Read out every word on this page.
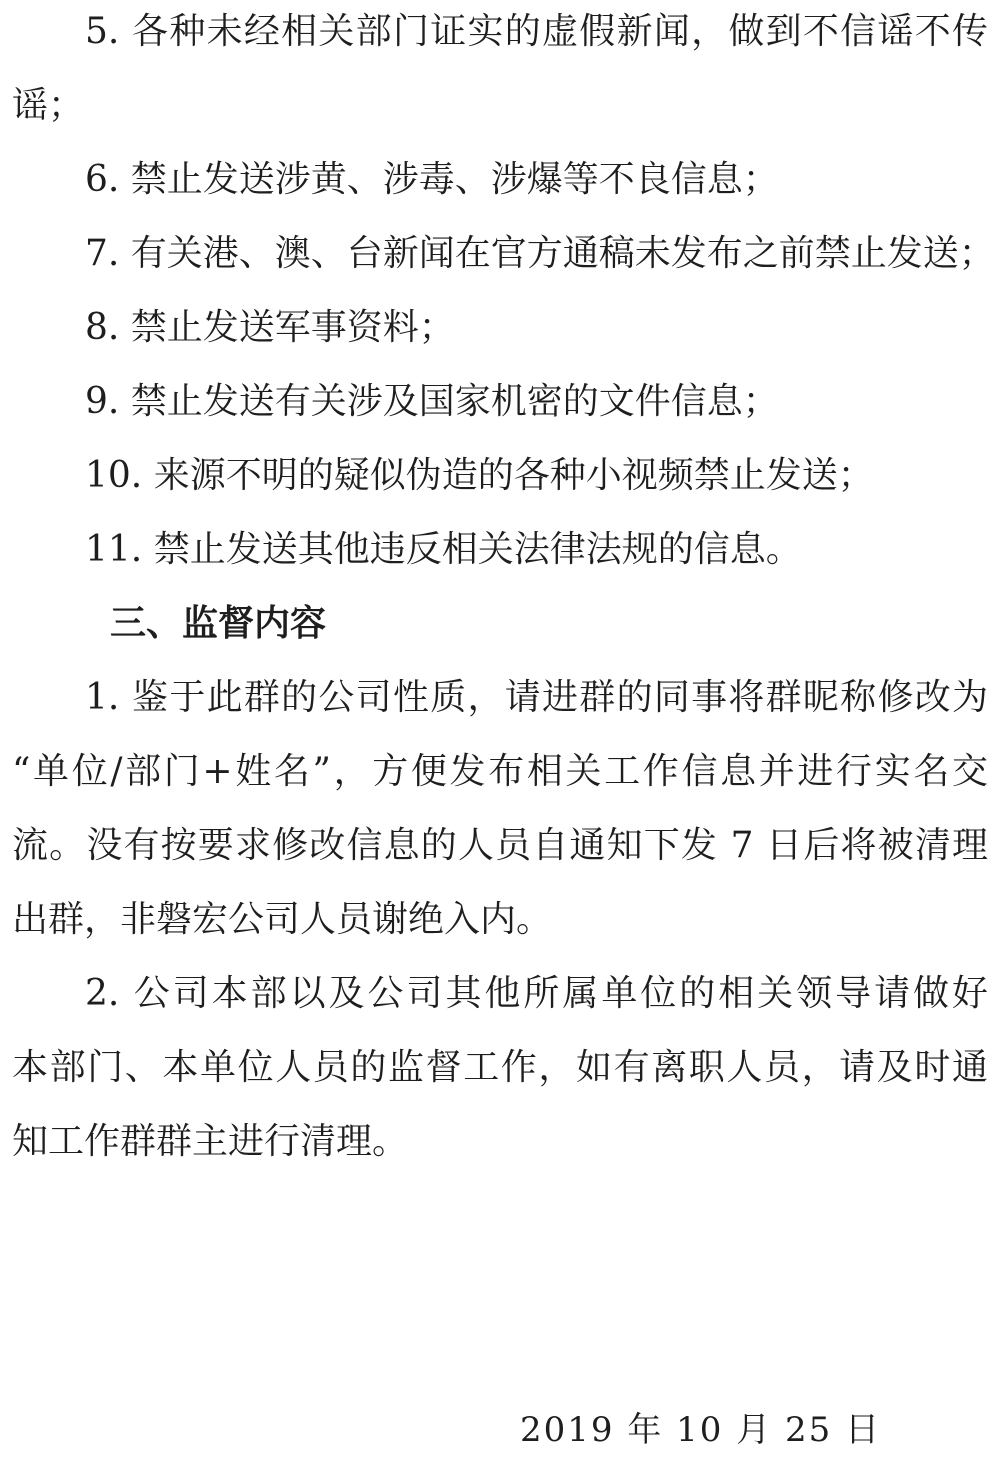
5. 各种未经相关部门证实的虚假新闻，做到不信谣不传
谣；
6. 禁止发送涉黄、涉毒、涉爆等不良信息；
7. 有关港、澳、台新闻在官方通稿未发布之前禁止发送；
8. 禁止发送军事资料；
9. 禁止发送有关涉及国家机密的文件信息；
10. 来源不明的疑似伪造的各种小视频禁止发送；
11. 禁止发送其他违反相关法律法规的信息。
三、监督内容
1. 鉴于此群的公司性质，请进群的同事将群昵称修改为
“单位/部门+姓名”，方便发布相关工作信息并进行实名交
流。没有按要求修改信息的人员自通知下发 7 日后将被清理
出群，非磐宏公司人员谢绝入内。
2. 公司本部以及公司其他所属单位的相关领导请做好
本部门、本单位人员的监督工作，如有离职人员，请及时通
知工作群群主进行清理。
2019 年 10 月 25 日
